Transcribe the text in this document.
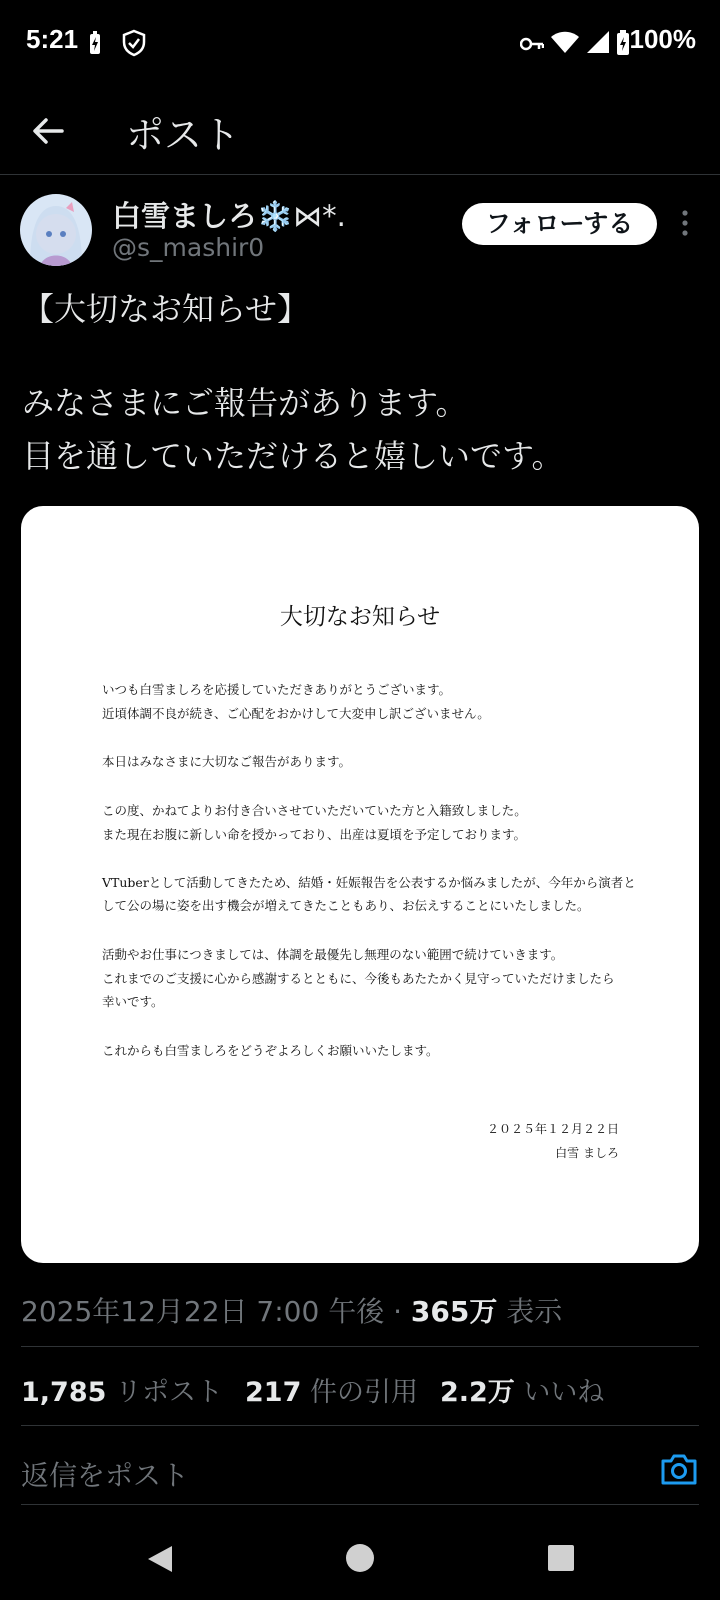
5:21	100%
ポスト
白雪ましろ❄️⋈*.
@s_mashir0
フォローする
【大切なお知らせ】
みなさまにご報告があります。
目を通していただけると嬉しいです。
大切なお知らせ
いつも白雪ましろを応援していただきありがとうございます。
近頃体調不良が続き、ご心配をおかけして大変申し訳ございません。
本日はみなさまに大切なご報告があります。
この度、かねてよりお付き合いさせていただいていた方と入籍致しました。
また現在お腹に新しい命を授かっており、出産は夏頃を予定しております。
VTuberとして活動してきたため、結婚・妊娠報告を公表するか悩みましたが、今年から演者と
して公の場に姿を出す機会が増えてきたこともあり、お伝えすることにいたしました。
活動やお仕事につきましては、体調を最優先し無理のない範囲で続けていきます。
これまでのご支援に心から感謝するとともに、今後もあたたかく見守っていただけましたら
幸いです。
これからも白雪ましろをどうぞよろしくお願いいたします。
２０２５年１２月２２日
白雪 ましろ
2025年12月22日 7:00 午後 · 365万 表示
1,785 リポスト 217 件の引用 2.2万 いいね
返信をポスト
